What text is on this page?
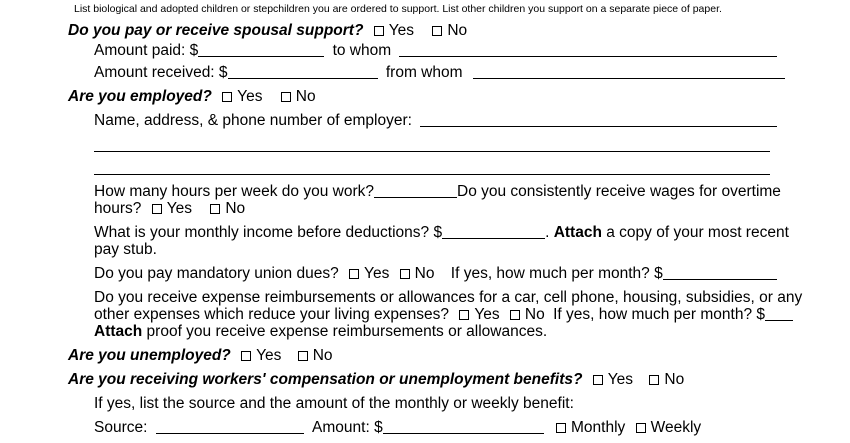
List biological and adopted children or stepchildren you are ordered to support. List other children you support on a separate piece of paper.
Do you pay or receive spousal support? Yes No
Amount paid: $	to whom
Amount received: $	from whom
Are you employed? Yes No
Name, address, & phone number of employer:
How many hours per week do you work?	Do you consistently receive wages for overtime
hours? Yes No
What is your monthly income before deductions? $	. Attach a copy of your most recent
pay stub.
Do you pay mandatory union dues? Yes No If yes, how much per month? $
Do you receive expense reimbursements or allowances for a car, cell phone, housing, subsidies, or any
other expenses which reduce your living expenses? Yes No If yes, how much per month? $
Attach proof you receive expense reimbursements or allowances.
Are you unemployed? Yes No
Are you receiving workers' compensation or unemployment benefits? Yes No
If yes, list the source and the amount of the monthly or weekly benefit:
Source:	Amount: $	Monthly Weekly
